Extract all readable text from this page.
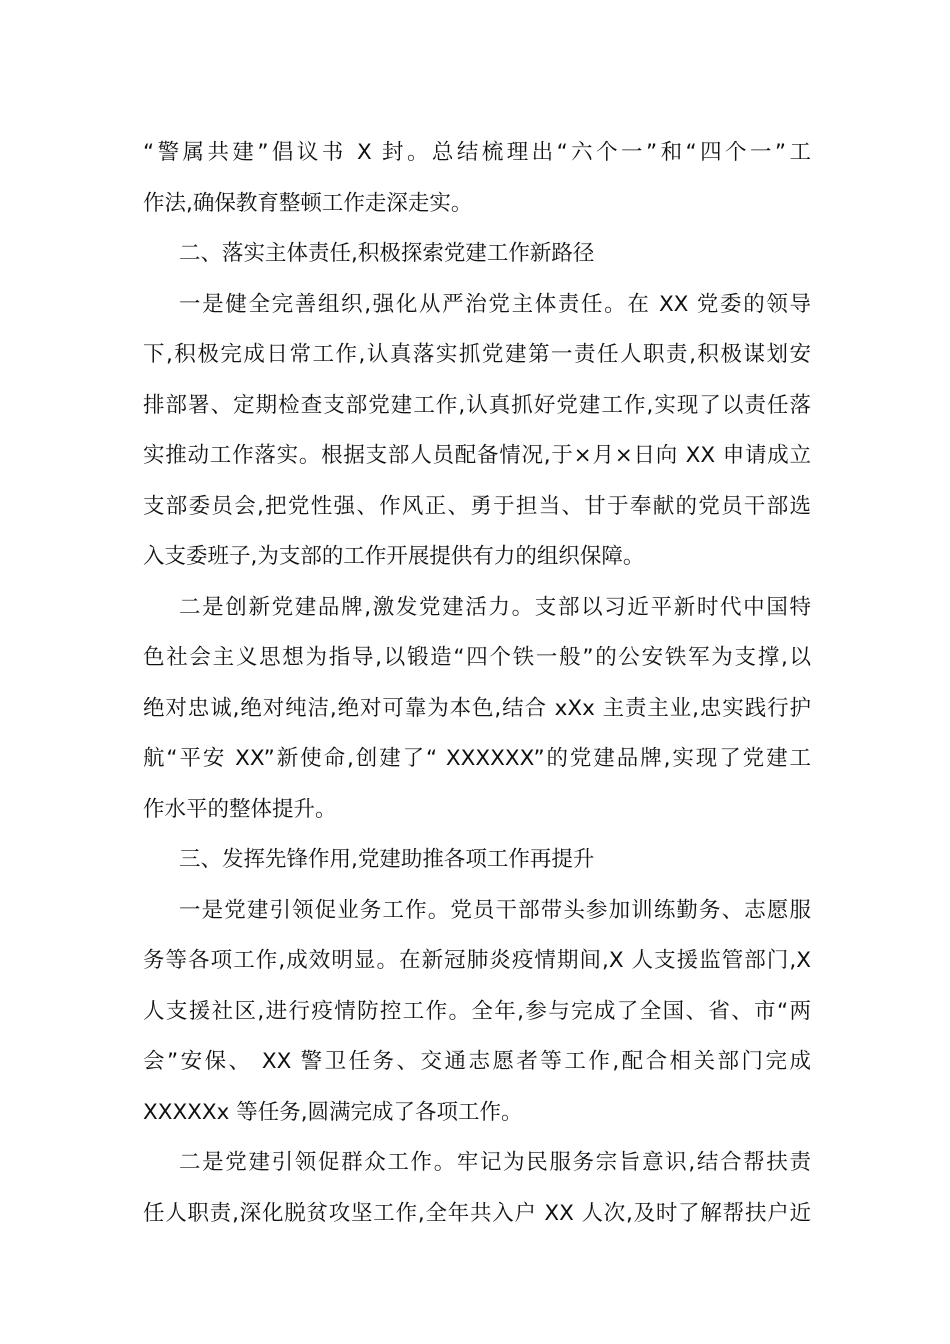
“警属共建”倡议书 X 封。总结梳理出“六个一”和“四个一”工
作法,确保教育整顿工作走深走实。
二、落实主体责任,积极探索党建工作新路径
一是健全完善组织,强化从严治党主体责任。在 XX 党委的领导
下,积极完成日常工作,认真落实抓党建第一责任人职责,积极谋划安
排部署、定期检查支部党建工作,认真抓好党建工作,实现了以责任落
实推动工作落实。根据支部人员配备情况,于×月×日向 XX 申请成立
支部委员会,把党性强、作风正、勇于担当、甘于奉献的党员干部选
入支委班子,为支部的工作开展提供有力的组织保障。
二是创新党建品牌,激发党建活力。支部以习近平新时代中国特
色社会主义思想为指导,以锻造“四个铁一般”的公安铁军为支撑,以
绝对忠诚,绝对纯洁,绝对可靠为本色,结合 xXx 主责主业,忠实践行护
航“平安 XX”新使命,创建了“ XXXXXX”的党建品牌,实现了党建工
作水平的整体提升。
三、发挥先锋作用,党建助推各项工作再提升
一是党建引领促业务工作。党员干部带头参加训练勤务、志愿服
务等各项工作,成效明显。在新冠肺炎疫情期间,X 人支援监管部门,X
人支援社区,进行疫情防控工作。全年,参与完成了全国、省、市“两
会”安保、 XX 警卫任务、交通志愿者等工作,配合相关部门完成
XXXXXx 等任务,圆满完成了各项工作。
二是党建引领促群众工作。牢记为民服务宗旨意识,结合帮扶责
任人职责,深化脱贫攻坚工作,全年共入户 XX 人次,及时了解帮扶户近
